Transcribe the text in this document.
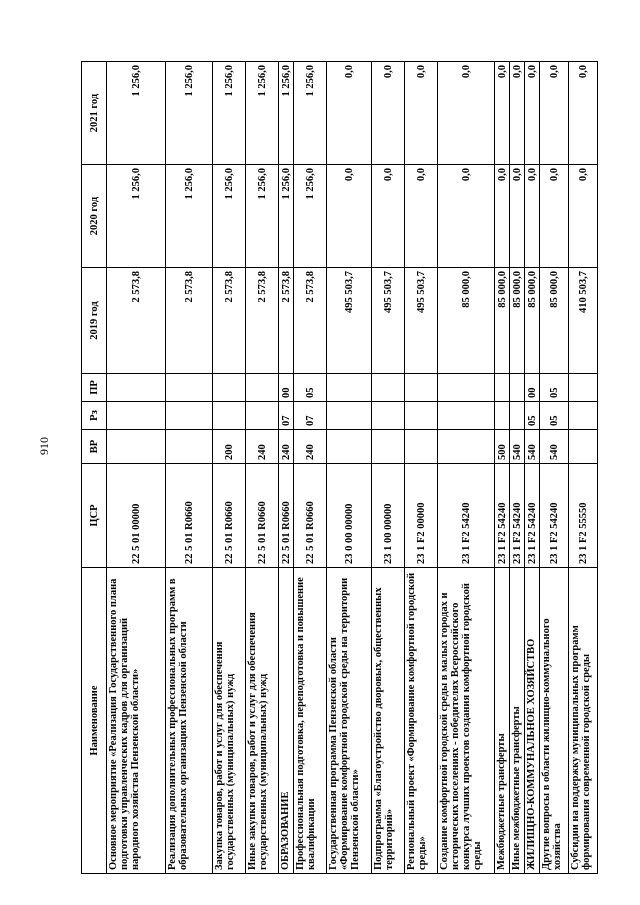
910
Наименование	ЦСР	ВР	Рз	ПР	2019 год	2020 год	2021 год
Основное мероприятие «Реализация Государственного плана подготовки управленческих кадров для организаций народного хозяйства Пензенской области»	22 5 01 00000				2 573,8	1 256,0	1 256,0
Реализация дополнительных профессиональных программ в образовательных организациях Пензенской области	22 5 01 R0660				2 573,8	1 256,0	1 256,0
Закупка товаров, работ и услуг для обеспечения государственных (муниципальных) нужд	22 5 01 R0660	200			2 573,8	1 256,0	1 256,0
Иные закупки товаров, работ и услуг для обеспечения государственных (муниципальных) нужд	22 5 01 R0660	240			2 573,8	1 256,0	1 256,0
ОБРАЗОВАНИЕ	22 5 01 R0660	240	07	00	2 573,8	1 256,0	1 256,0
Профессиональная подготовка, переподготовка и повышение квалификации	22 5 01 R0660	240	07	05	2 573,8	1 256,0	1 256,0
Государственная программа Пензенской области «Формирование комфортной городской среды на территории Пензенской области»	23 0 00 00000				495 503,7	0,0	0,0
Подпрограмма «Благоустройство дворовых, общественных территорий»	23 1 00 00000				495 503,7	0,0	0,0
Региональный проект «Формирование комфортной городской среды»	23 1 F2 00000				495 503,7	0,0	0,0
Создание комфортной городской среды в малых городах и исторических поселениях - победителях Всероссийского конкурса лучших проектов создания комфортной городской среды	23 1 F2 54240				85 000,0	0,0	0,0
Межбюджетные трансферты	23 1 F2 54240	500			85 000,0	0,0	0,0
Иные межбюджетные трансферты	23 1 F2 54240	540			85 000,0	0,0	0,0
ЖИЛИЩНО-КОММУНАЛЬНОЕ ХОЗЯЙСТВО	23 1 F2 54240	540	05	00	85 000,0	0,0	0,0
Другие вопросы в области жилищно-коммунального хозяйства	23 1 F2 54240	540	05	05	85 000,0	0,0	0,0
Субсидии на поддержку муниципальных программ формирования современной городской среды	23 1 F2 55550				410 503,7	0,0	0,0
